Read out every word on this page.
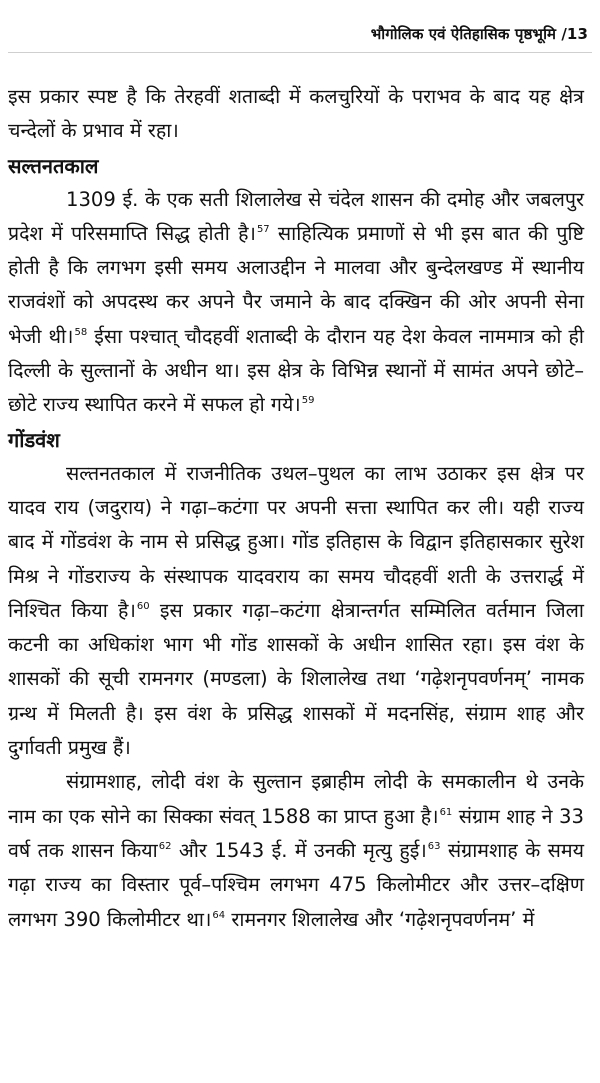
भौगोलिक एवं ऐतिहासिक पृष्ठभूमि /13

इस प्रकार स्पष्ट है कि तेरहवीं शताब्दी में कलचुरियों के पराभव के बाद यह क्षेत्र चन्देलों के प्रभाव में रहा।

सल्तनतकाल

1309 ई. के एक सती शिलालेख से चंदेल शासन की दमोह और जबलपुर प्रदेश में परिसमाप्ति सिद्ध होती है।$^{57}$ साहित्यिक प्रमाणों से भी इस बात की पुष्टि होती है कि लगभग इसी समय अलाउद्दीन ने मालवा और बुन्देलखण्ड में स्थानीय राजवंशों को अपदस्थ कर अपने पैर जमाने के बाद दक्खिन की ओर अपनी सेना भेजी थी।$^{58}$ ईसा पश्चात् चौदहवीं शताब्दी के दौरान यह देश केवल नाममात्र को ही दिल्ली के सुल्तानों के अधीन था। इस क्षेत्र के विभिन्न स्थानों में सामंत अपने छोटे–छोटे राज्य स्थापित करने में सफल हो गये।$^{59}$

गोंडवंश

सल्तनतकाल में राजनीतिक उथल–पुथल का लाभ उठाकर इस क्षेत्र पर यादव राय (जदुराय) ने गढ़ा–कटंगा पर अपनी सत्ता स्थापित कर ली। यही राज्य बाद में गोंडवंश के नाम से प्रसिद्ध हुआ। गोंड इतिहास के विद्वान इतिहासकार सुरेश मिश्र ने गोंडराज्य के संस्थापक यादवराय का समय चौदहवीं शती के उत्तरार्द्ध में निश्चित किया है।$^{60}$ इस प्रकार गढ़ा–कटंगा क्षेत्रान्तर्गत सम्मिलित वर्तमान जिला कटनी का अधिकांश भाग भी गोंड शासकों के अधीन शासित रहा। इस वंश के शासकों की सूची रामनगर (मण्डला) के शिलालेख तथा ‘गढ़ेशनृपवर्णनम्’ नामक ग्रन्थ में मिलती है। इस वंश के प्रसिद्ध शासकों में मदनसिंह, संग्राम शाह और दुर्गावती प्रमुख हैं।

संग्रामशाह, लोदी वंश के सुल्तान इब्राहीम लोदी के समकालीन थे उनके नाम का एक सोने का सिक्का संवत् 1588 का प्राप्त हुआ है।$^{61}$ संग्राम शाह ने 33 वर्ष तक शासन किया$^{62}$ और 1543 ई. में उनकी मृत्यु हुई।$^{63}$ संग्रामशाह के समय गढ़ा राज्य का विस्तार पूर्व–पश्चिम लगभग 475 किलोमीटर और उत्तर–दक्षिण लगभग 390 किलोमीटर था।$^{64}$ रामनगर शिलालेख और ‘गढ़ेशनृपवर्णनम’ में
